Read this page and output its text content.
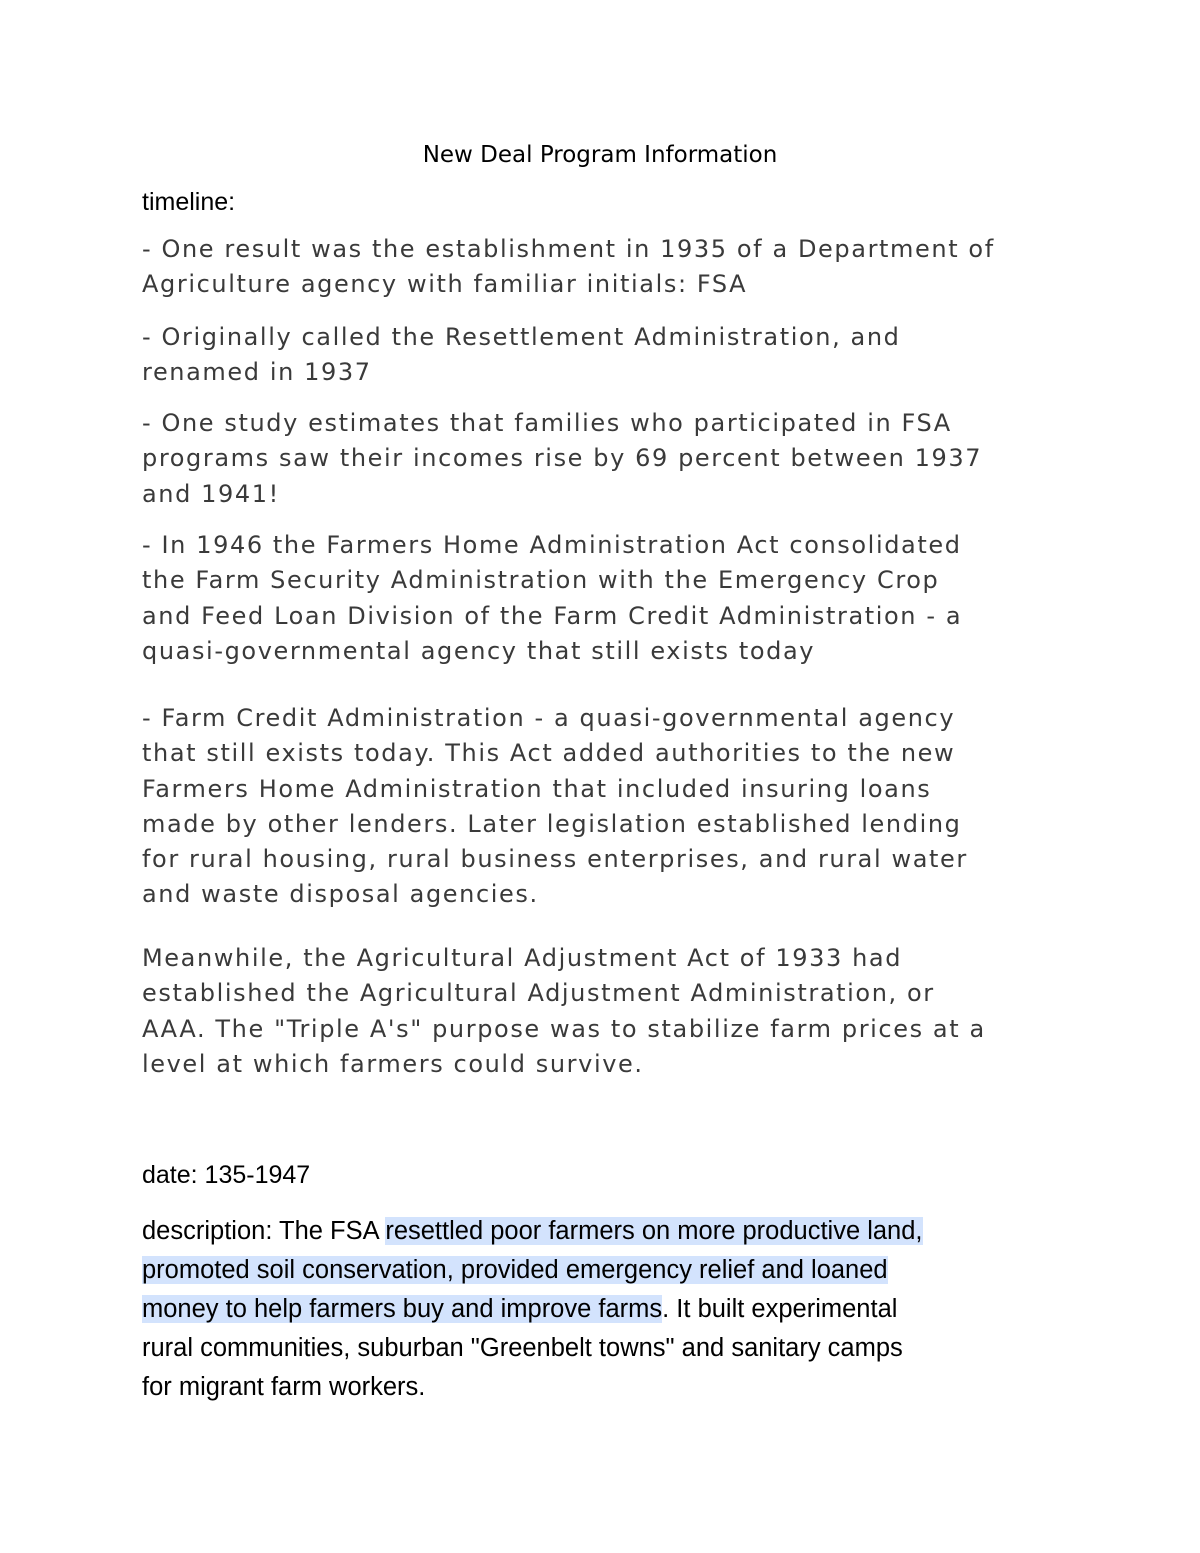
New Deal Program Information
timeline:

- One result was the establishment in 1935 of a Department of
Agriculture agency with familiar initials: FSA

- Originally called the Resettlement Administration, and
renamed in 1937

- One study estimates that families who participated in FSA
programs saw their incomes rise by 69 percent between 1937
and 1941!

- In 1946 the Farmers Home Administration Act consolidated
the Farm Security Administration with the Emergency Crop
and Feed Loan Division of the Farm Credit Administration - a
quasi-governmental agency that still exists today

- Farm Credit Administration - a quasi-governmental agency
that still exists today. This Act added authorities to the new
Farmers Home Administration that included insuring loans
made by other lenders. Later legislation established lending
for rural housing, rural business enterprises, and rural water
and waste disposal agencies.

Meanwhile, the Agricultural Adjustment Act of 1933 had
established the Agricultural Adjustment Administration, or
AAA. The "Triple A's" purpose was to stabilize farm prices at a
level at which farmers could survive.

date: 135-1947

description: The FSA resettled poor farmers on more productive land,
promoted soil conservation, provided emergency relief and loaned
money to help farmers buy and improve farms. It built experimental
rural communities, suburban "Greenbelt towns" and sanitary camps
for migrant farm workers.
